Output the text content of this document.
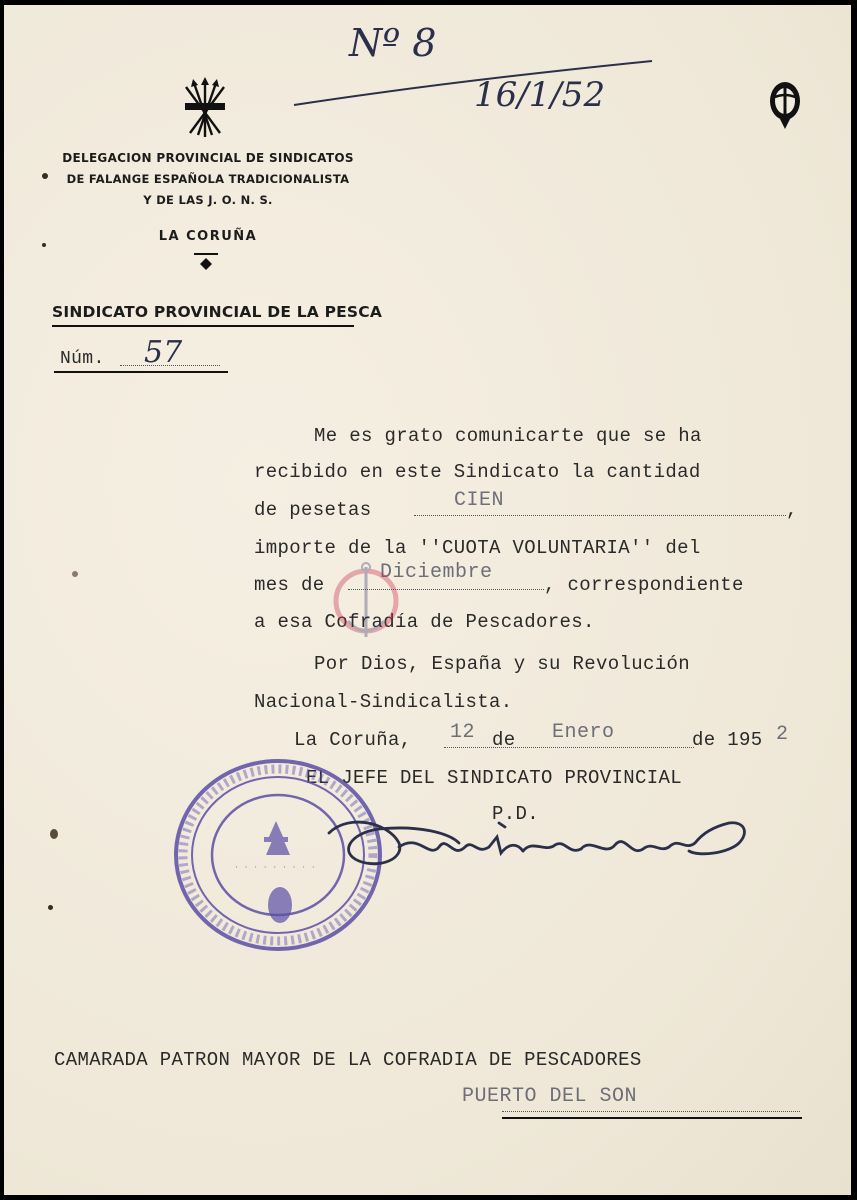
Nº 8
16/1/52
DELEGACION PROVINCIAL DE SINDICATOS
DE FALANGE ESPAÑOLA TRADICIONALISTA
Y DE LAS J. O. N. S.
LA CORUÑA
SINDICATO PROVINCIAL DE LA PESCA
Núm. 57
Me es grato comunicarte que se ha
recibido en este Sindicato la cantidad
de pesetas	CIEN	,
importe de la ''CUOTA VOLUNTARIA'' del
mes de
Diciembre
, correspondiente
a esa Cofradía de Pescadores.
Por Dios, España y su Revolución
Nacional-Sindicalista.
La Coruña, 12 de Enero	de 195 2
EL JEFE DEL SINDICATO PROVINCIAL
P.D.
· · · · · · · · ·
CAMARADA PATRON MAYOR DE LA COFRADIA DE PESCADORES
PUERTO DEL SON
